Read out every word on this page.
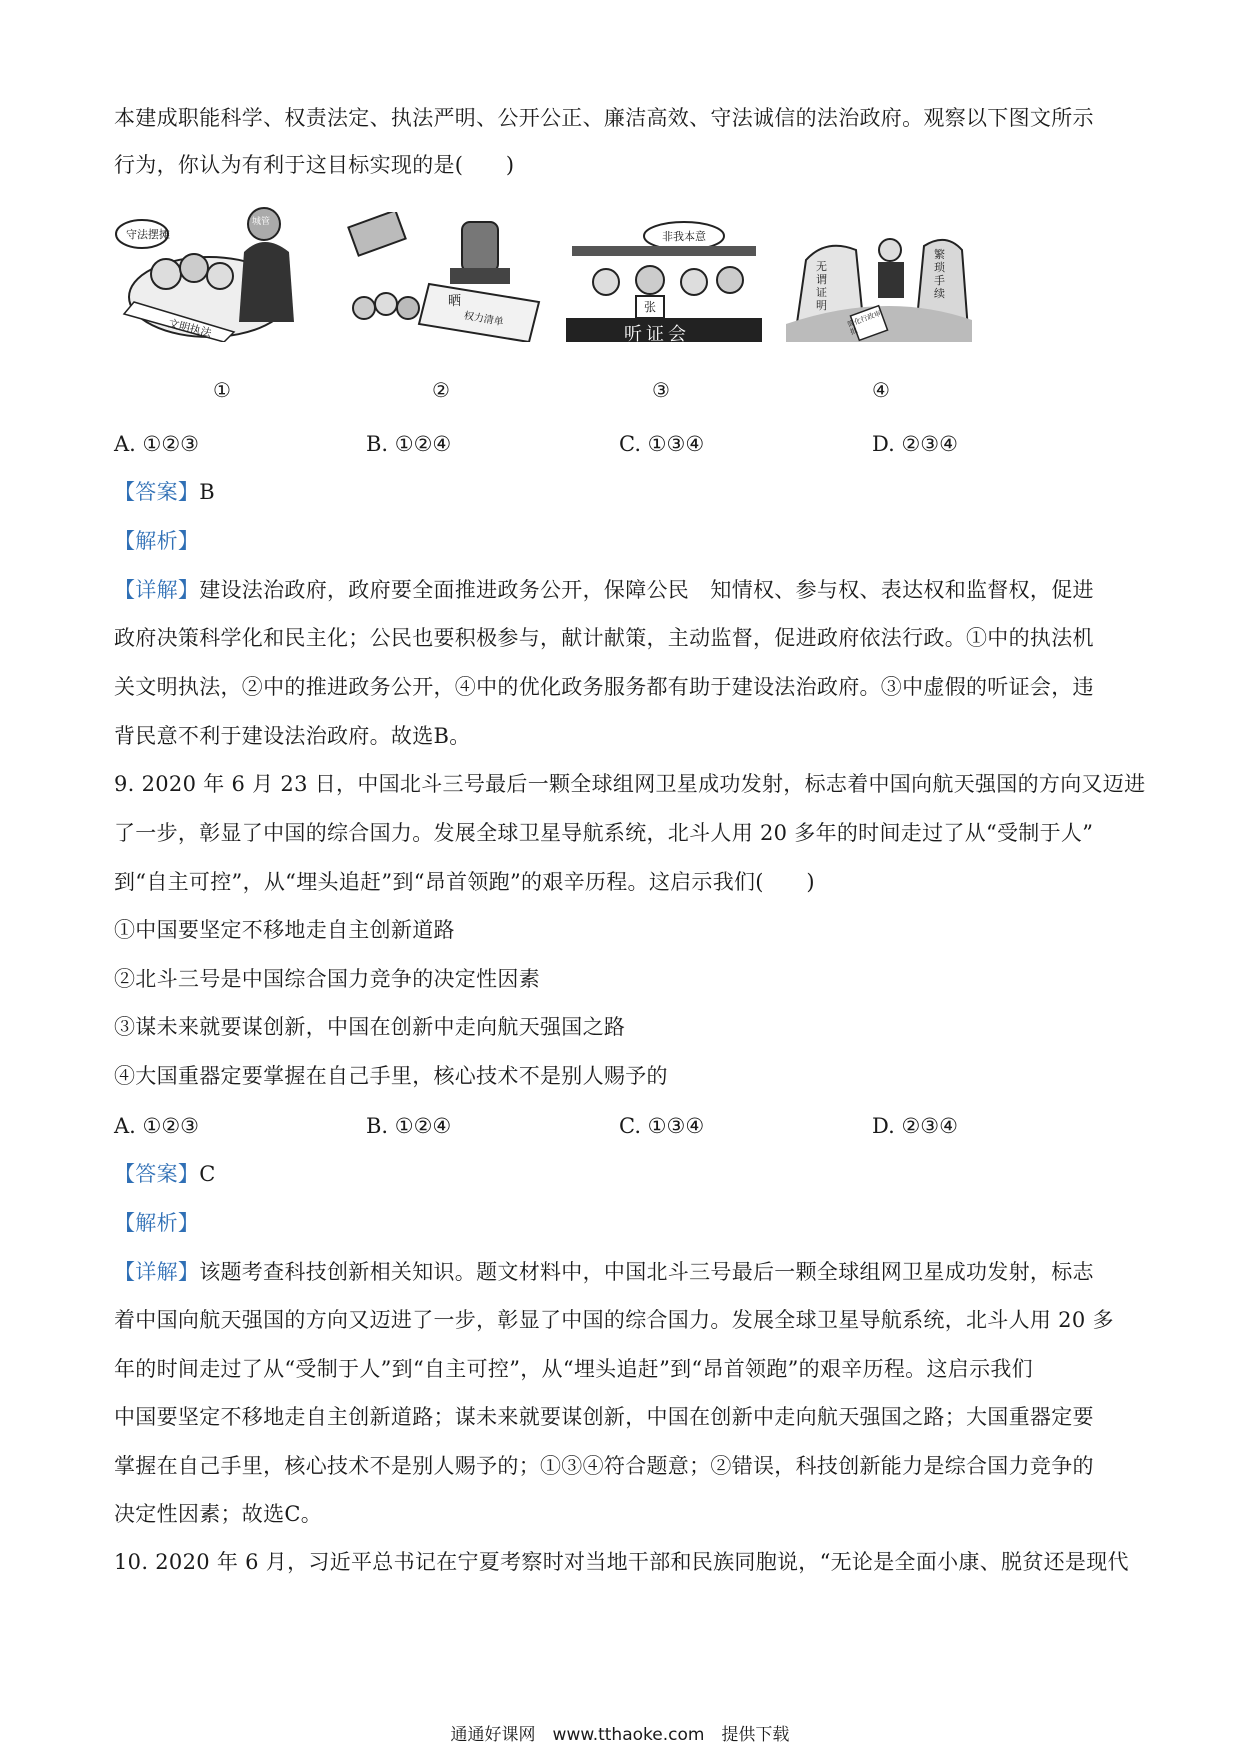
本建成职能科学、权责法定、执法严明、公开公正、廉洁高效、守法诚信的法治政府。观察以下图文所示
行为，你认为有利于这目标实现的是(　　)
守法摆摊
文明执法
城管
①
晒
权力清单
②
非我本意
张
听证会
③
无谓证明
繁琐手续
简化行政审批
④
A. ①②③	B. ①②④	C. ①③④	D. ②③④
【答案】B
【解析】
【详解】建设法治政府，政府要全面推进政务公开，保障公民　知情权、参与权、表达权和监督权，促进
政府决策科学化和民主化；公民也要积极参与，献计献策，主动监督，促进政府依法行政。①中的执法机
关文明执法，②中的推进政务公开，④中的优化政务服务都有助于建设法治政府。③中虚假的听证会，违
背民意不利于建设法治政府。故选B。
9. 2020 年 6 月 23 日，中国北斗三号最后一颗全球组网卫星成功发射，标志着中国向航天强国的方向又迈进
了一步，彰显了中国的综合国力。发展全球卫星导航系统，北斗人用 20 多年的时间走过了从“受制于人”
到“自主可控”，从“埋头追赶”到“昂首领跑”的艰辛历程。这启示我们(　　)
①中国要坚定不移地走自主创新道路
②北斗三号是中国综合国力竞争的决定性因素
③谋未来就要谋创新，中国在创新中走向航天强国之路
④大国重器定要掌握在自己手里，核心技术不是别人赐予的
A. ①②③	B. ①②④	C. ①③④	D. ②③④
【答案】C
【解析】
【详解】该题考查科技创新相关知识。题文材料中，中国北斗三号最后一颗全球组网卫星成功发射，标志
着中国向航天强国的方向又迈进了一步，彰显了中国的综合国力。发展全球卫星导航系统，北斗人用 20 多
年的时间走过了从“受制于人”到“自主可控”，从“埋头追赶”到“昂首领跑”的艰辛历程。这启示我们
中国要坚定不移地走自主创新道路；谋未来就要谋创新，中国在创新中走向航天强国之路；大国重器定要
掌握在自己手里，核心技术不是别人赐予的；①③④符合题意；②错误，科技创新能力是综合国力竞争的
决定性因素；故选C。
10. 2020 年 6 月，习近平总书记在宁夏考察时对当地干部和民族同胞说，“无论是全面小康、脱贫还是现代
通通好课网　www.tthaoke.com　提供下载
